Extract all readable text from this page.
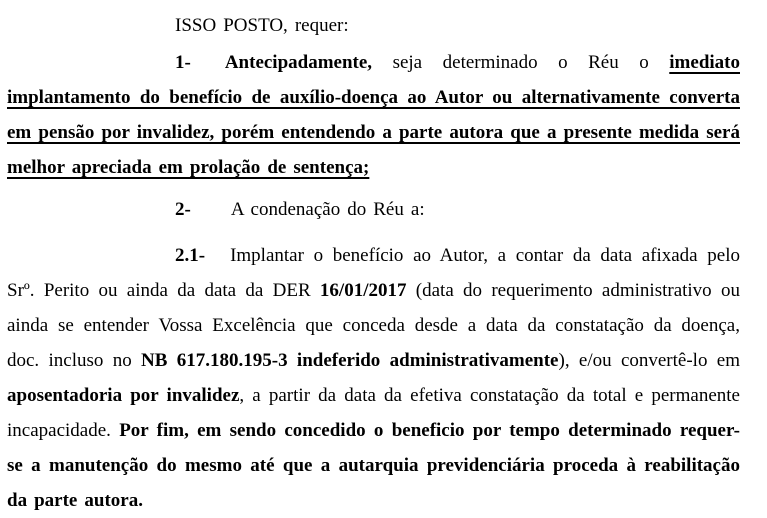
ISSO POSTO, requer:

1- Antecipadamente, seja determinado o Réu o imediato implantamento do benefício de auxílio-doença ao Autor ou alternativamente converta em pensão por invalidez, porém entendendo a parte autora que a presente medida será melhor apreciada em prolação de sentença;

2- A condenação do Réu a:

2.1- Implantar o benefício ao Autor, a contar da data afixada pelo Srº. Perito ou ainda da data da DER 16/01/2017 (data do requerimento administrativo ou ainda se entender Vossa Excelência que conceda desde a data da constatação da doença, doc. incluso no NB 617.180.195-3 indeferido administrativamente), e/ou convertê-lo em aposentadoria por invalidez, a partir da data da efetiva constatação da total e permanente incapacidade. Por fim, em sendo concedido o beneficio por tempo determinado requer-se a manutenção do mesmo até que a autarquia previdenciária proceda à reabilitação da parte autora.
